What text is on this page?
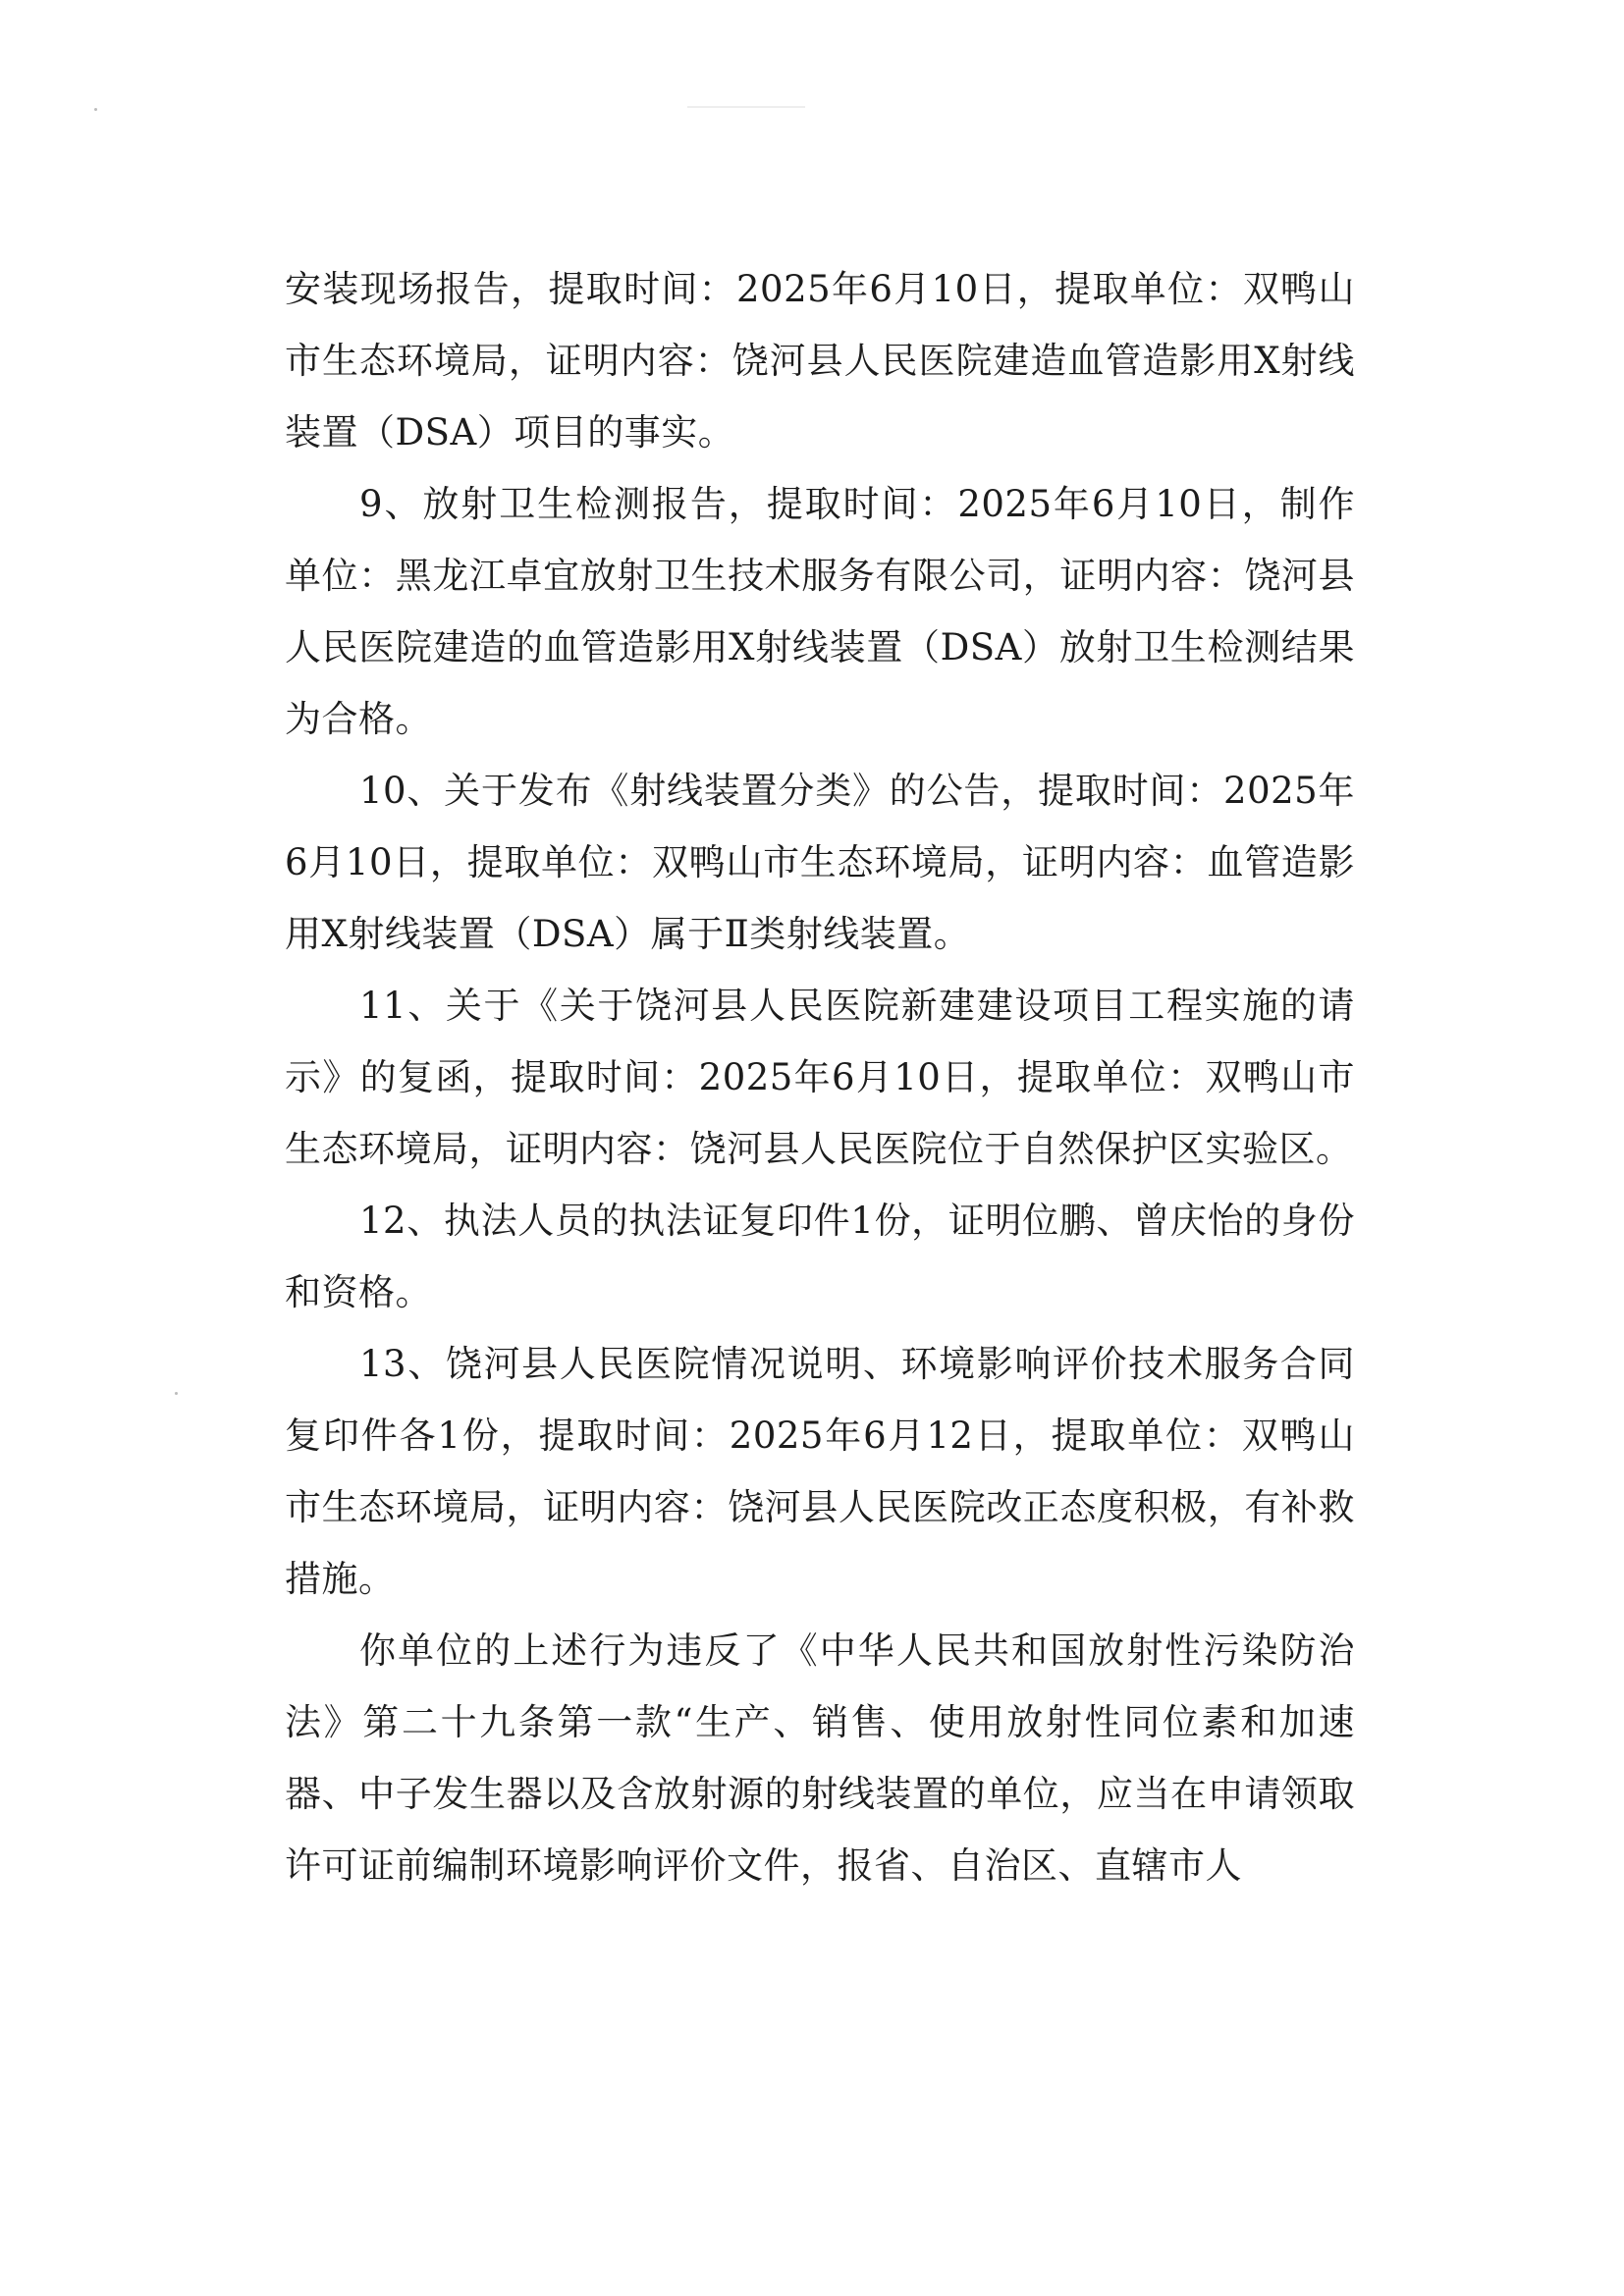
安装现场报告，提取时间：2025年6月10日，提取单位：双鸭山市生态环境局，证明内容：饶河县人民医院建造血管造影用X射线装置（DSA）项目的事实。

9、放射卫生检测报告，提取时间：2025年6月10日，制作单位：黑龙江卓宜放射卫生技术服务有限公司，证明内容：饶河县人民医院建造的血管造影用X射线装置（DSA）放射卫生检测结果为合格。

10、关于发布《射线装置分类》的公告，提取时间：2025年6月10日，提取单位：双鸭山市生态环境局，证明内容：血管造影用X射线装置（DSA）属于Ⅱ类射线装置。

11、关于《关于饶河县人民医院新建建设项目工程实施的请示》的复函，提取时间：2025年6月10日，提取单位：双鸭山市生态环境局，证明内容：饶河县人民医院位于自然保护区实验区。

12、执法人员的执法证复印件1份，证明位鹏、曾庆怡的身份和资格。

13、饶河县人民医院情况说明、环境影响评价技术服务合同复印件各1份，提取时间：2025年6月12日，提取单位：双鸭山市生态环境局，证明内容：饶河县人民医院改正态度积极，有补救措施。

你单位的上述行为违反了《中华人民共和国放射性污染防治法》第二十九条第一款“生产、销售、使用放射性同位素和加速器、中子发生器以及含放射源的射线装置的单位，应当在申请领取许可证前编制环境影响评价文件，报省、自治区、直辖市人
